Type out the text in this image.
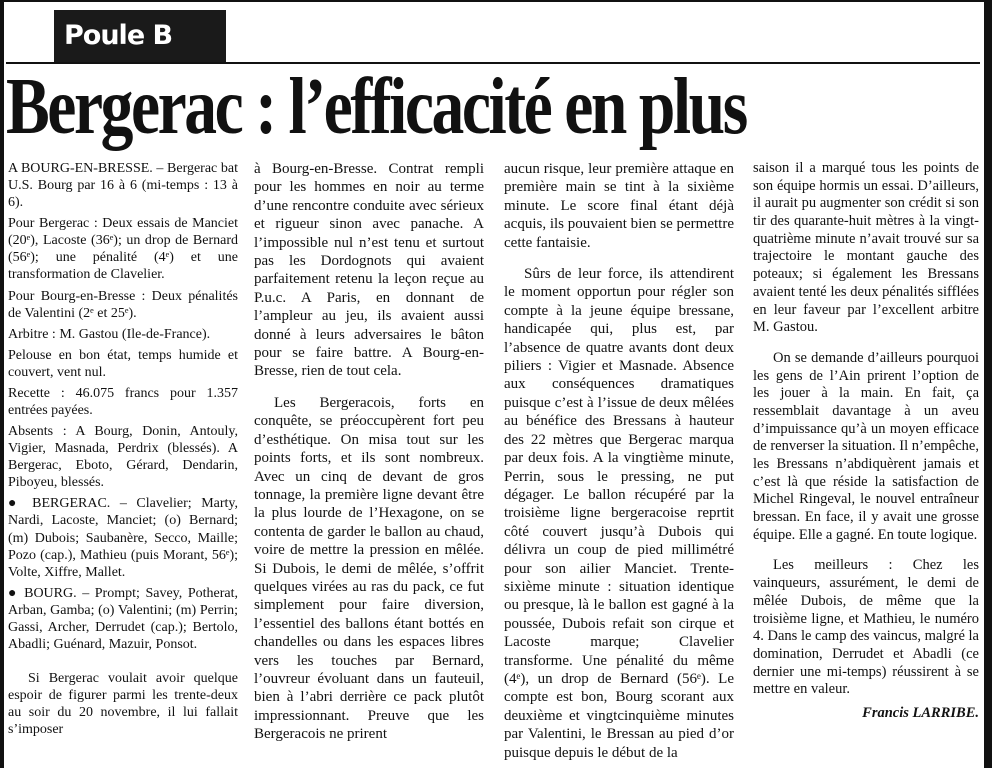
Poule B
Bergerac : l’efficacité en plus

A BOURG-EN-BRESSE. – Bergerac bat U.S. Bourg par 16 à 6 (mi-temps : 13 à 6).

Pour Bergerac : Deux essais de Manciet (20ᵉ), Lacoste (36ᵉ); un drop de Bernard (56ᵉ); une pénalité (4ᵉ) et une transformation de Clavelier.

Pour Bourg-en-Bresse : Deux pénalités de Valentini (2ᵉ et 25ᵉ).

Arbitre : M. Gastou (Ile-de-France).

Pelouse en bon état, temps humide et couvert, vent nul.

Recette : 46.075 francs pour 1.357 entrées payées.

Absents : A Bourg, Donin, Antouly, Vigier, Masnada, Perdrix (blessés). A Bergerac, Eboto, Gérard, Dendarin, Piboyeu, blessés.

● BERGERAC. – Clavelier; Marty, Nardi, Lacoste, Manciet; (o) Bernard; (m) Dubois; Saubanère, Secco, Maille; Pozo (cap.), Mathieu (puis Morant, 56ᵉ); Volte, Xiffre, Mallet.

● BOURG. – Prompt; Savey, Potherat, Arban, Gamba; (o) Valentini; (m) Perrin; Gassi, Archer, Derrudet (cap.); Bertolo, Abadli; Guénard, Mazuir, Ponsot.

Si Bergerac voulait avoir quelque espoir de figurer parmi les trente-deux au soir du 20 novembre, il lui fallait s’imposer

à Bourg-en-Bresse. Contrat rempli pour les hommes en noir au terme d’une rencontre conduite avec sérieux et rigueur sinon avec panache. A l’impossible nul n’est tenu et surtout pas les Dordognots qui avaient parfaitement retenu la leçon reçue au P.u.c. A Paris, en donnant de l’ampleur au jeu, ils avaient aussi donné à leurs adversaires le bâton pour se faire battre. A Bourg-en-Bresse, rien de tout cela.

Les Bergeracois, forts en conquête, se préoccupèrent fort peu d’esthétique. On misa tout sur les points forts, et ils sont nombreux. Avec un cinq de devant de gros tonnage, la première ligne devant être la plus lourde de l’Hexagone, on se contenta de garder le ballon au chaud, voire de mettre la pression en mêlée. Si Dubois, le demi de mêlée, s’offrit quelques virées au ras du pack, ce fut simplement pour faire diversion, l’essentiel des ballons étant bottés en chandelles ou dans les espaces libres vers les touches par Bernard, l’ouvreur évoluant dans un fauteuil, bien à l’abri derrière ce pack plutôt impressionnant. Preuve que les Bergeracois ne prirent

aucun risque, leur première attaque en première main se tint à la sixième minute. Le score final étant déjà acquis, ils pouvaient bien se permettre cette fantaisie.

Sûrs de leur force, ils attendirent le moment opportun pour régler son compte à la jeune équipe bressane, handicapée qui, plus est, par l’absence de quatre avants dont deux piliers : Vigier et Masnade. Absence aux conséquences dramatiques puisque c’est à l’issue de deux mêlées au bénéfice des Bressans à hauteur des 22 mètres que Bergerac marqua par deux fois. A la vingtième minute, Perrin, sous le pressing, ne put dégager. Le ballon récupéré par la troisième ligne bergeracoise reprtit côté couvert jusqu’à Dubois qui délivra un coup de pied millimétré pour son ailier Manciet. Trente-sixième minute : situation identique ou presque, là le ballon est gagné à la poussée, Dubois refait son cirque et Lacoste marque; Clavelier transforme. Une pénalité du même (4ᵉ), un drop de Bernard (56ᵉ). Le compte est bon, Bourg scorant aux deuxième et vingtcinquième minutes par Valentini, le Bressan au pied d’or puisque depuis le début de la

saison il a marqué tous les points de son équipe hormis un essai. D’ailleurs, il aurait pu augmenter son crédit si son tir des quarante-huit mètres à la vingt-quatrième minute n’avait trouvé sur sa trajectoire le montant gauche des poteaux; si également les Bressans avaient tenté les deux pénalités sifflées en leur faveur par l’excellent arbitre M. Gastou.

On se demande d’ailleurs pourquoi les gens de l’Ain prirent l’option de les jouer à la main. En fait, ça ressemblait davantage à un aveu d’impuissance qu’à un moyen efficace de renverser la situation. Il n’empêche, les Bressans n’abdiquèrent jamais et c’est là que réside la satisfaction de Michel Ringeval, le nouvel entraîneur bressan. En face, il y avait une grosse équipe. Elle a gagné. En toute logique.

Les meilleurs : Chez les vainqueurs, assurément, le demi de mêlée Dubois, de même que la troisième ligne, et Mathieu, le numéro 4. Dans le camp des vaincus, malgré la domination, Derrudet et Abadli (ce dernier une mi-temps) réussirent à se mettre en valeur.

Francis LARRIBE.
